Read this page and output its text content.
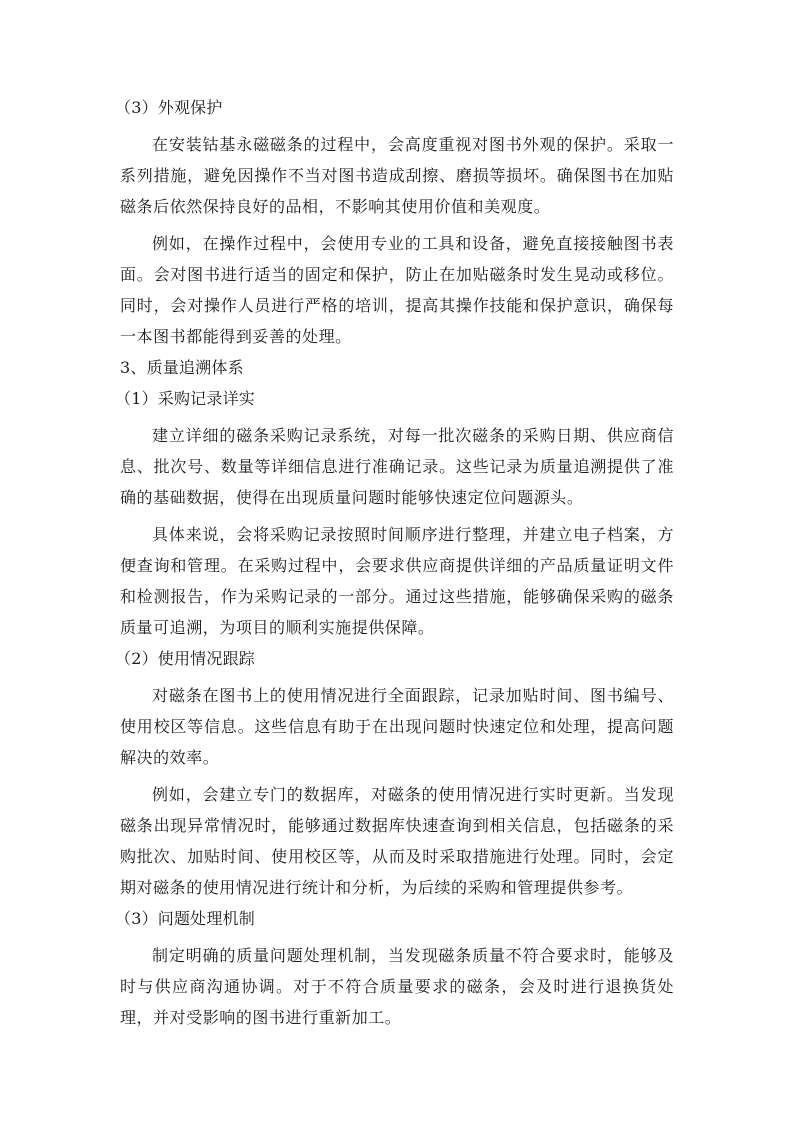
（3）外观保护

在安装钴基永磁磁条的过程中，会高度重视对图书外观的保护。采取一系列措施，避免因操作不当对图书造成刮擦、磨损等损坏。确保图书在加贴磁条后依然保持良好的品相，不影响其使用价值和美观度。

例如，在操作过程中，会使用专业的工具和设备，避免直接接触图书表面。会对图书进行适当的固定和保护，防止在加贴磁条时发生晃动或移位。同时，会对操作人员进行严格的培训，提高其操作技能和保护意识，确保每一本图书都能得到妥善的处理。

3、质量追溯体系

（1）采购记录详实

建立详细的磁条采购记录系统，对每一批次磁条的采购日期、供应商信息、批次号、数量等详细信息进行准确记录。这些记录为质量追溯提供了准确的基础数据，使得在出现质量问题时能够快速定位问题源头。

具体来说，会将采购记录按照时间顺序进行整理，并建立电子档案，方便查询和管理。在采购过程中，会要求供应商提供详细的产品质量证明文件和检测报告，作为采购记录的一部分。通过这些措施，能够确保采购的磁条质量可追溯，为项目的顺利实施提供保障。

（2）使用情况跟踪

对磁条在图书上的使用情况进行全面跟踪，记录加贴时间、图书编号、使用校区等信息。这些信息有助于在出现问题时快速定位和处理，提高问题解决的效率。

例如，会建立专门的数据库，对磁条的使用情况进行实时更新。当发现磁条出现异常情况时，能够通过数据库快速查询到相关信息，包括磁条的采购批次、加贴时间、使用校区等，从而及时采取措施进行处理。同时，会定期对磁条的使用情况进行统计和分析，为后续的采购和管理提供参考。

（3）问题处理机制

制定明确的质量问题处理机制，当发现磁条质量不符合要求时，能够及时与供应商沟通协调。对于不符合质量要求的磁条，会及时进行退换货处理，并对受影响的图书进行重新加工。
